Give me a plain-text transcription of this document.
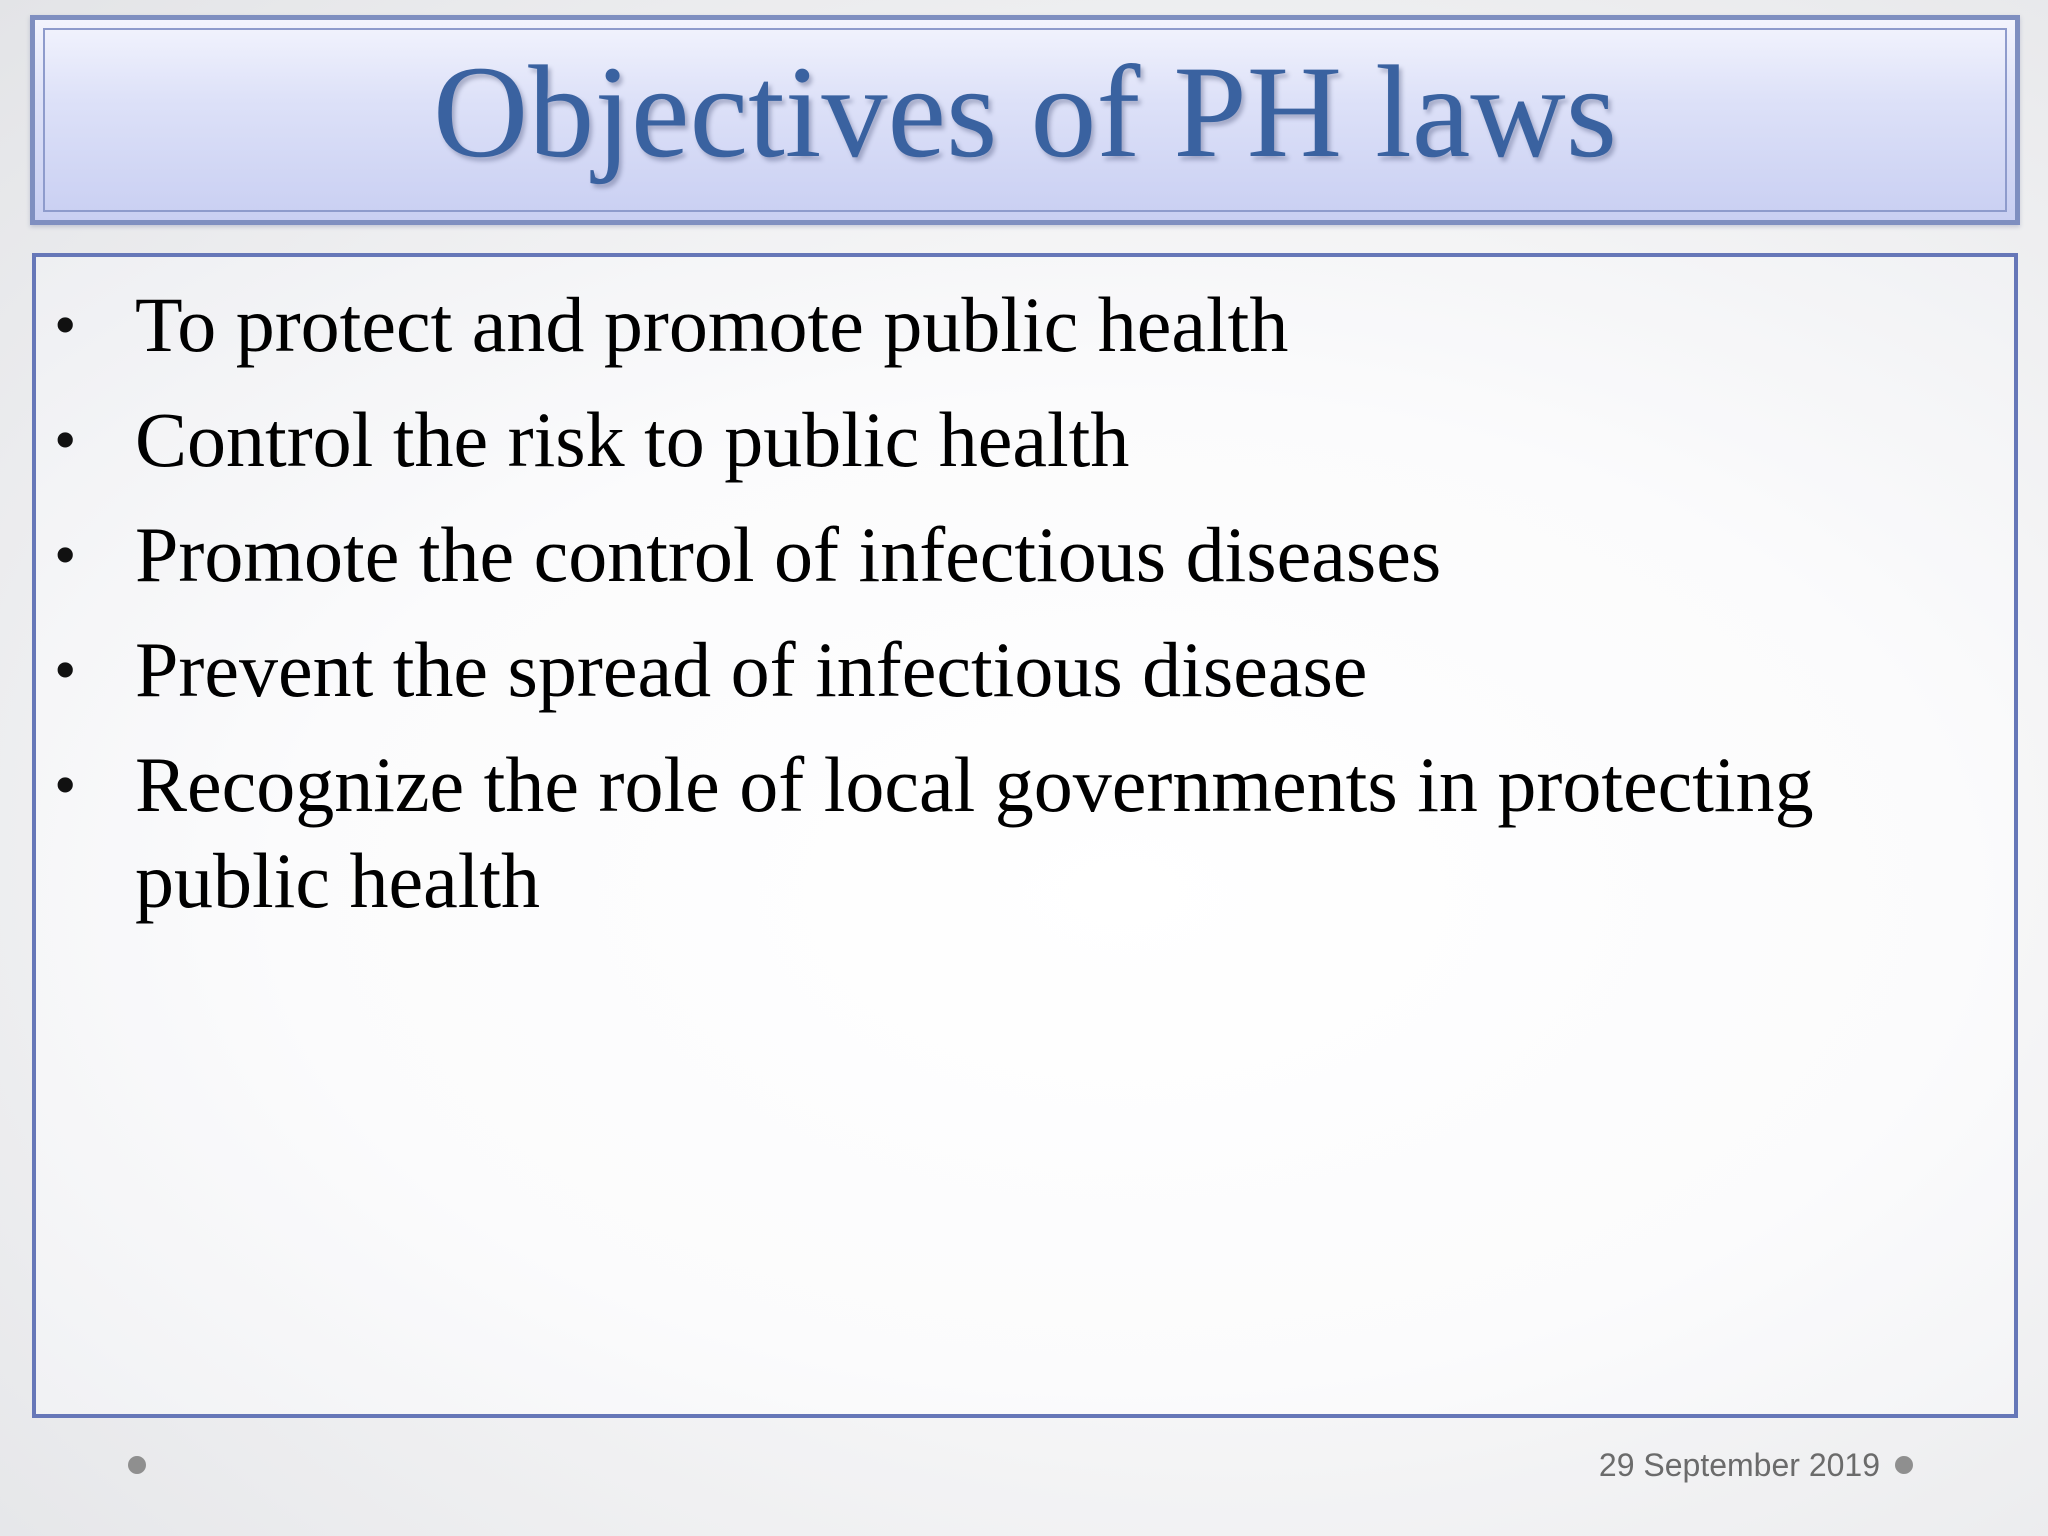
Objectives of PH laws
• To protect and promote public health
• Control the risk to public health
• Promote the control of infectious diseases
• Prevent the spread of infectious disease
• Recognize the role of local governments in protecting public health
29 September 2019
